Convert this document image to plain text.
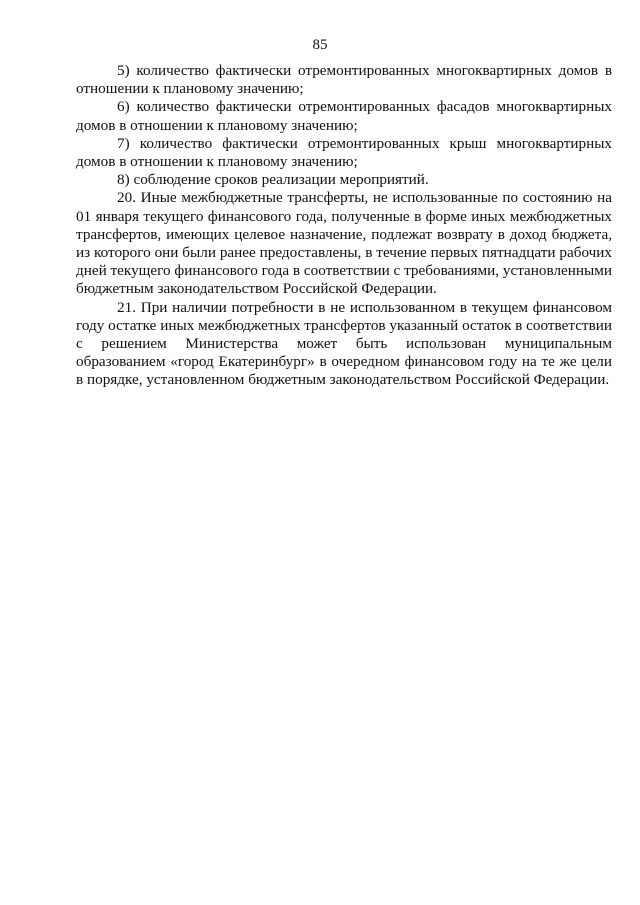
85

5) количество фактически отремонтированных многоквартирных домов в отношении к плановому значению;

6) количество фактически отремонтированных фасадов многоквартирных домов в отношении к плановому значению;

7) количество фактически отремонтированных крыш многоквартирных домов в отношении к плановому значению;

8) соблюдение сроков реализации мероприятий.

20. Иные межбюджетные трансферты, не использованные по состоянию на 01 января текущего финансового года, полученные в форме иных межбюджетных трансфертов, имеющих целевое назначение, подлежат возврату в доход бюджета, из которого они были ранее предоставлены, в течение первых пятнадцати рабочих дней текущего финансового года в соответствии с требованиями, установленными бюджетным законодательством Российской Федерации.

21. При наличии потребности в не использованном в текущем финансовом году остатке иных межбюджетных трансфертов указанный остаток в соответствии с решением Министерства может быть использован муниципальным образованием «город Екатеринбург» в очередном финансовом году на те же цели в порядке, установленном бюджетным законодательством Российской Федерации.
